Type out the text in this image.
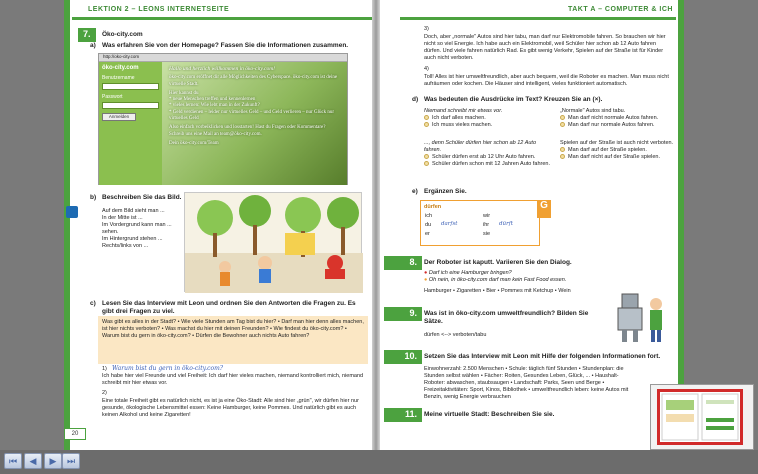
LEKTION 2 – LEONS INTERNETSEITE
7.	Öko-city.com
a) Was erfahren Sie von der Homepage? Fassen Sie die Informationen zusammen.
http://oko-city.com
öko-city.com
Benutzername
Passwort
Anmelden
Hallo und herzlich willkommen in öko-city.com!
öko-city.com eröffnet dir alle Möglichkeiten des Cyberspace. öko-city.com ist deine virtuelle Stadt.
Hier kannst du
* neue Menschen treffen und kennenlernen
* vieles lernen: Wie lebt man in der Zukunft?
* Geld verdienen – leider nur virtuelles Geld – und Geld verlieren – nur Glück nur virtuelles Geld
Also einfach vorbeiklicken und losstarten! Hast du Fragen oder Kommentare? Schreib uns eine Mail an team@öko-city.com.
Dein öko-city.com/Team
b) Beschreiben Sie das Bild.
Auf dem Bild sieht man ...
In der Mitte ist ...
Im Vordergrund kann man ... sehen.
Im Hintergrund stehen ...
Rechts/links von ...
c) Lesen Sie das Interview mit Leon und ordnen Sie den Antworten die Fragen zu. Es gibt drei Fragen zu viel.
Was gibt es alles in der Stadt? • Wie viele Stunden am Tag bist du hier? • Darf man hier denn alles machen, ist hier nichts verboten? • Was machst du hier mit deinen Freunden? • Wie findest du öko-city.com? • Warum bist du gern in öko-city.com? • Dürfen die Bewohner auch nichts Auto fahren?
1) Warum bist du gern in öko-city.com?
Ich habe hier viel Freunde und viel Freiheit: Ich darf hier vieles machen, niemand kontrolliert mich, niemand schreibt mir hier etwas vor.
2)
Eine totale Freiheit gibt es natürlich nicht, es ist ja eine Öko-Stadt: Alle sind hier „grün", wir dürfen hier nur gesunde, ökologische Lebensmittel essen: Keine Hamburger, keine Pommes. Und natürlich gibt es auch keinen Alkohol und keine Zigaretten!
20
TAKT A – COMPUTER & ICH
3)
Doch, aber „normale" Autos sind hier tabu, man darf nur Elektromobile fahren. So brauchen wir hier nicht so viel Energie. Ich habe auch ein Elektromobil, weil Schüler hier schon ab 12 Auto fahren dürfen. Und viele fahren natürlich Rad. Es gibt wenig Verkehr, Spielen auf der Straße ist für Kinder auch nicht verboten.
4)
Toll! Alles ist hier umweltfreundlich, aber auch bequem, weil die Roboter es machen. Man muss nicht aufräumen oder kochen. Die Häuser sind intelligent, vieles funktioniert automatisch.
d) Was bedeuten die Ausdrücke im Text? Kreuzen Sie an (×).
Niemand schreibt mir etwas vor.
Ich darf alles machen.
Ich muss vieles machen.
„Normale" Autos sind tabu.
Man darf nicht normale Autos fahren.
Man darf nur normale Autos fahren.
..., denn Schüler dürfen hier schon ab 12 Auto fahren.
Schüler dürfen erst ab 12 Uhr Auto fahren.
Schüler dürfen schon mit 12 Jahren Auto fahren.
Spielen auf der Straße ist auch nicht verboten.
Man darf auf der Straße spielen.
Man darf nicht auf der Straße spielen.
e) Ergänzen Sie.
G
dürfen
ich
du darfst
er
wir
ihr dürft
sie
8.	Der Roboter ist kaputt. Variieren Sie den Dialog.
● Darf ich eine Hamburger bringen?
● Oh nein, in öko-city.com darf man kein Fast Food essen.
Hamburger • Zigaretten • Bier • Pommes mit Ketchup • Wein
9.	Was ist in öko-city.com umweltfreundlich? Bilden Sie Sätze.
dürfen <--> verboten/tabu
10.	Setzen Sie das Interview mit Leon mit Hilfe der folgenden Informationen fort.
Einwohnerzahl: 2.500 Menschen • Schule: täglich fünf Stunden • Stundenplan: die Stunden selbst wählen • Fächer: Roiten, Gesundes Leben, Glück, ... • Haushalt-Roboter: abwaschen, staubsaugen • Landschaft: Parks, Seen und Berge • Freizeitaktivitäten: Sport, Kinos, Bibliothek • umweltfreundlich leben: keine Autos mit Benzin, wenig Energie verbrauchen
11.	Meine virtuelle Stadt: Beschreiben Sie sie.
⏮	◀	▶	⏭
